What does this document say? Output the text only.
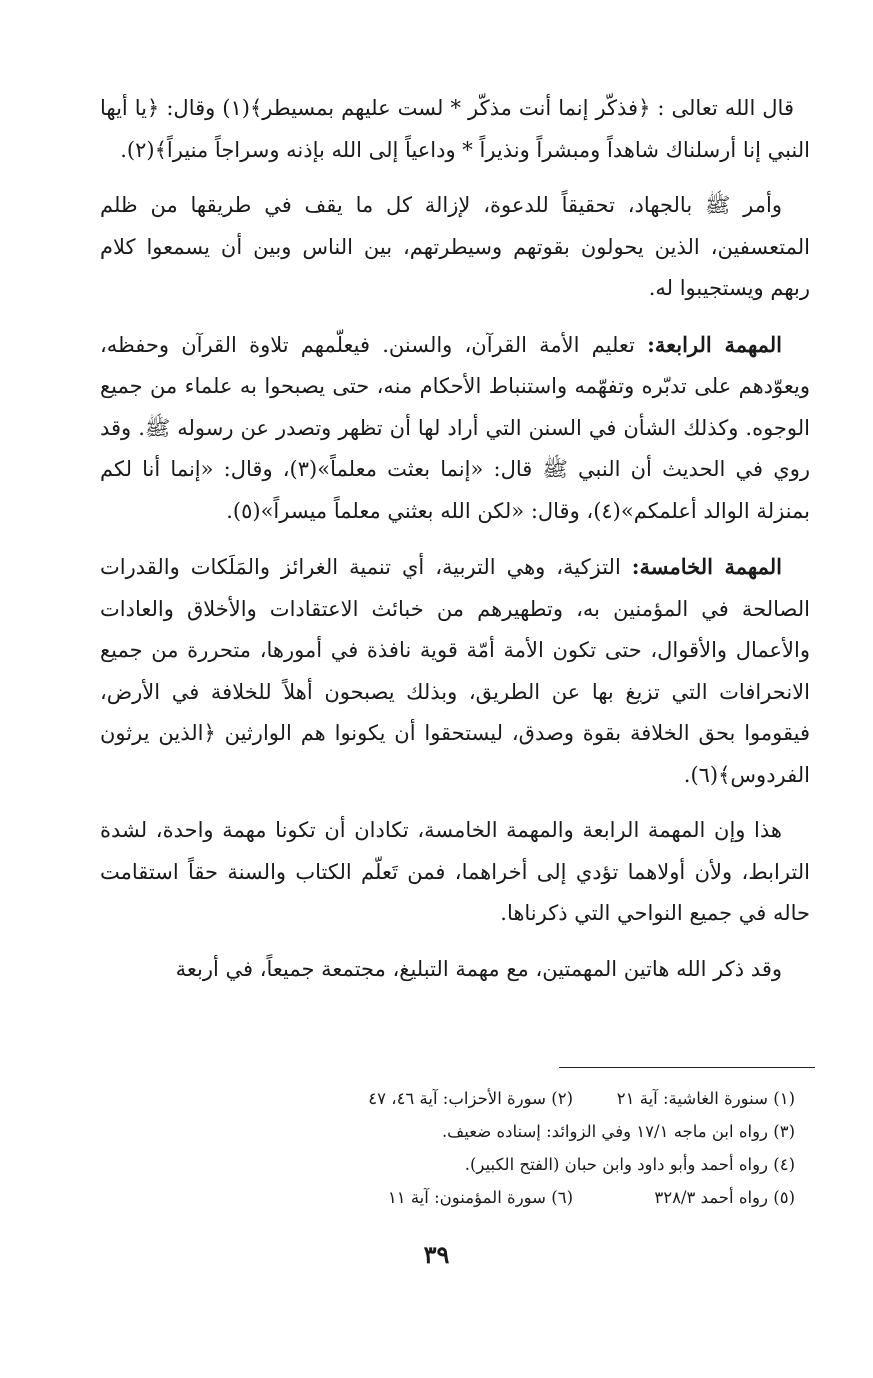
قال الله تعالى : ﴿فذكّر إنما أنت مذكّر * لست عليهم بمسيطر﴾(١) وقال: ﴿يا أيها النبي إنا أرسلناك شاهداً ومبشراً ونذيراً * وداعياً إلى الله بإذنه وسراجاً منيراً﴾(٢).

وأمر ﷺ بالجهاد، تحقيقاً للدعوة، لإزالة كل ما يقف في طريقها من ظلم المتعسفين، الذين يحولون بقوتهم وسيطرتهم، بين الناس وبين أن يسمعوا كلام ربهم ويستجيبوا له.

المهمة الرابعة: تعليم الأمة القرآن، والسنن. فيعلّمهم تلاوة القرآن وحفظه، ويعوّدهم على تدبّره وتفهّمه واستنباط الأحكام منه، حتى يصبحوا به علماء من جميع الوجوه. وكذلك الشأن في السنن التي أراد لها أن تظهر وتصدر عن رسوله ﷺ. وقد روي في الحديث أن النبي ﷺ قال: «إنما بعثت معلماً»(٣)، وقال: «إنما أنا لكم بمنزلة الوالد أعلمكم»(٤)، وقال: «لكن الله بعثني معلماً ميسراً»(٥).

المهمة الخامسة: التزكية، وهي التربية، أي تنمية الغرائز والمَلَكات والقدرات الصالحة في المؤمنين به، وتطهيرهم من خبائث الاعتقادات والأخلاق والعادات والأعمال والأقوال، حتى تكون الأمة أمّة قوية نافذة في أمورها، متحررة من جميع الانحرافات التي تزيغ بها عن الطريق، وبذلك يصبحون أهلاً للخلافة في الأرض، فيقوموا بحق الخلافة بقوة وصدق، ليستحقوا أن يكونوا هم الوارثين ﴿الذين يرثون الفردوس﴾(٦).

هذا وإن المهمة الرابعة والمهمة الخامسة، تكادان أن تكونا مهمة واحدة، لشدة الترابط، ولأن أولاهما تؤدي إلى أخراهما، فمن تَعلّم الكتاب والسنة حقاً استقامت حاله في جميع النواحي التي ذكرناها.

وقد ذكر الله هاتين المهمتين، مع مهمة التبليغ، مجتمعة جميعاً، في أربعة

(١) سنورة الغاشية: آية ٢١
(٢) سورة الأحزاب: آية ٤٦، ٤٧
(٣) رواه ابن ماجه ١٧/١ وفي الزوائد: إسناده ضعيف.
(٤) رواه أحمد وأبو داود وابن حبان (الفتح الكبير).
(٥) رواه أحمد ٣٢٨/٣
(٦) سورة المؤمنون: آية ١١
٣٩
